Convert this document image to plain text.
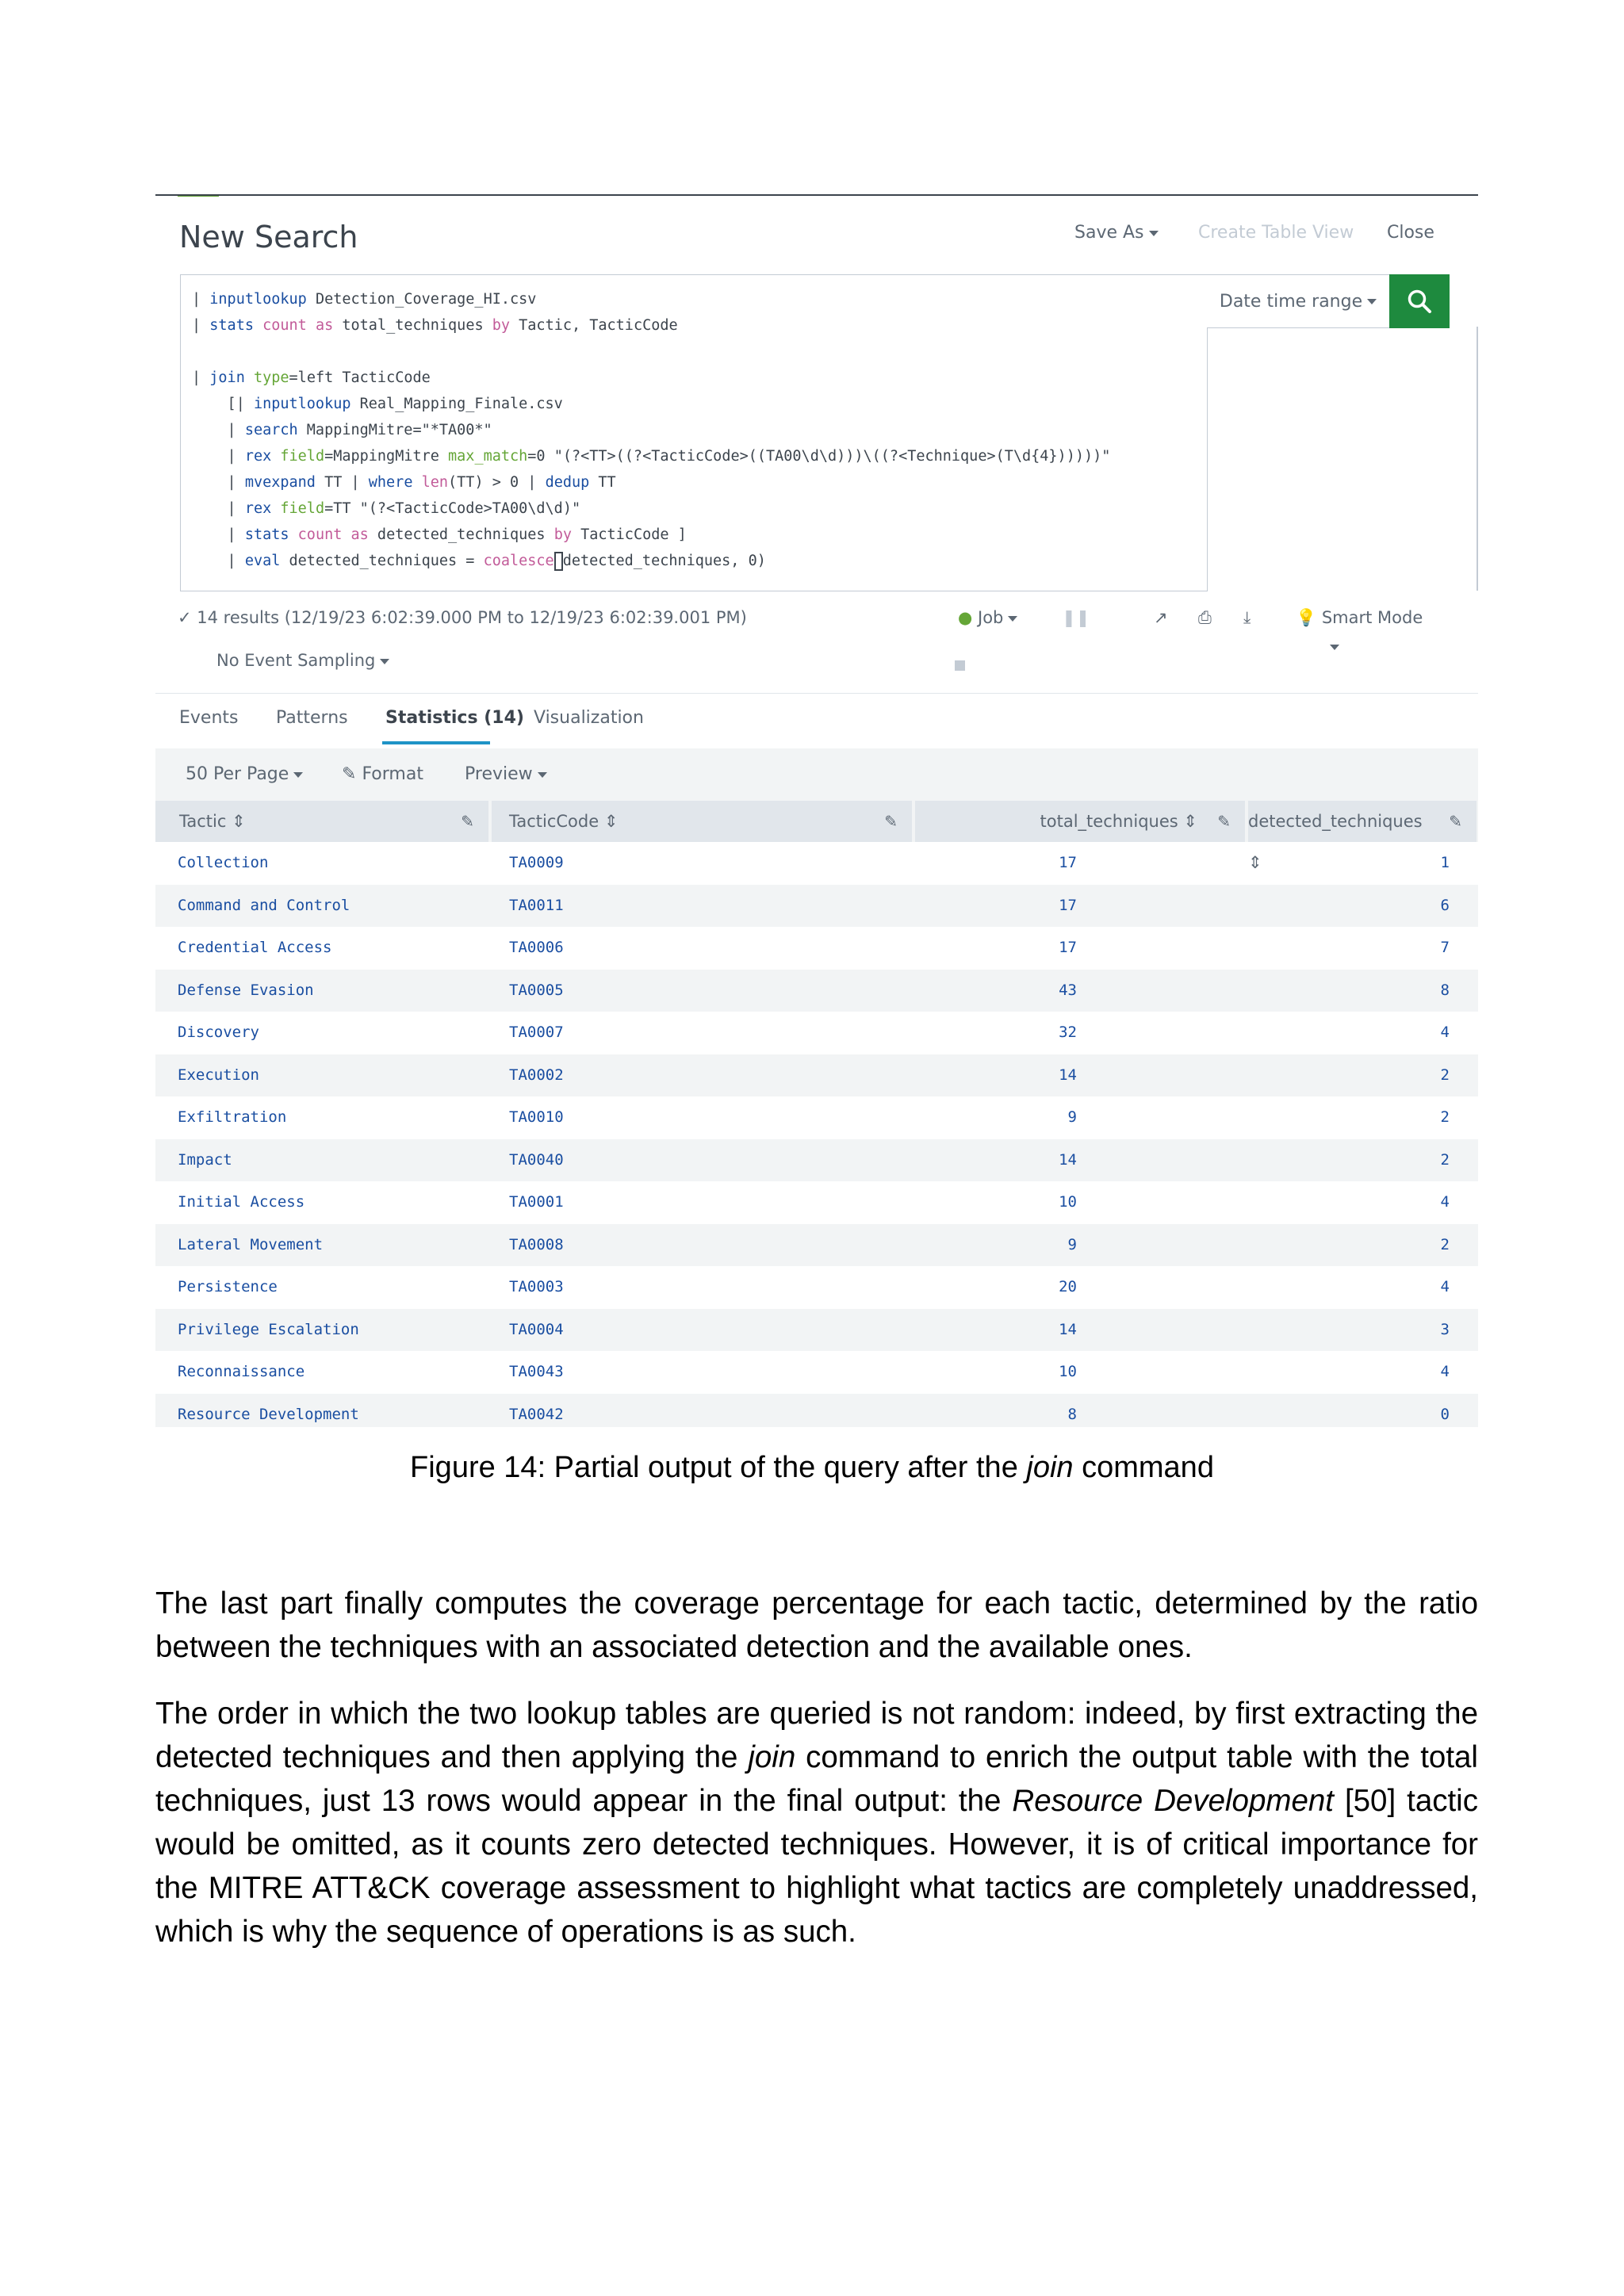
New Search	Save As	Create Table View Close
| inputlookup Detection_Coverage_HI.csv
| stats count as total_techniques by Tactic, TacticCode
| join type=left TacticCode
[| inputlookup Real_Mapping_Finale.csv
| search MappingMitre="*TA00*"
| rex field=MappingMitre max_match=0 "(?<TT>((?<TacticCode>((TA00\d\d)))\((?<Technique>(T\d{4})))))"
| mvexpand TT | where len(TT) > 0 | dedup TT
| rex field=TT "(?<TacticCode>TA00\d\d)"
| stats count as detected_techniques by TacticCode ]
| eval detected_techniques = coalesce detected_techniques, 0)
Date time range
✓ 14 results (12/19/23 6:02:39.000 PM to 12/19/23 6:02:39.001 PM)	● Job	❚❚	↗ ⎙ ⤓	💡 Smart Mode
No Event Sampling
Events Patterns Statistics (14) Visualization
50 Per Page	✎ Format Preview
Tactic ⇕	✎ TacticCode ⇕	✎	total_techniques ⇕ ✎ detected_techniques ⇕
✎
Collection	TA0009	17	1
Command and Control	TA0011	17	6
Credential Access	TA0006	17	7
Defense Evasion	TA0005	43	8
Discovery	TA0007	32	4
Execution	TA0002	14	2
Exfiltration	TA0010	9	2
Impact	TA0040	14	2
Initial Access	TA0001	10	4
Lateral Movement	TA0008	9	2
Persistence	TA0003	20	4
Privilege Escalation	TA0004	14	3
Reconnaissance	TA0043	10	4
Resource Development	TA0042	8	0
Figure 14: Partial output of the query after the join command

The last part finally computes the coverage percentage for each tactic, determined by the ratio between the techniques with an associated detection and the available ones.

The order in which the two lookup tables are queried is not random: indeed, by first extracting the detected techniques and then applying the join command to enrich the output table with the total techniques, just 13 rows would appear in the final output: the Resource Development [50] tactic would be omitted, as it counts zero detected techniques. However, it is of critical importance for the MITRE ATT&CK coverage assessment to highlight what tactics are completely unaddressed, which is why the sequence of operations is as such.
